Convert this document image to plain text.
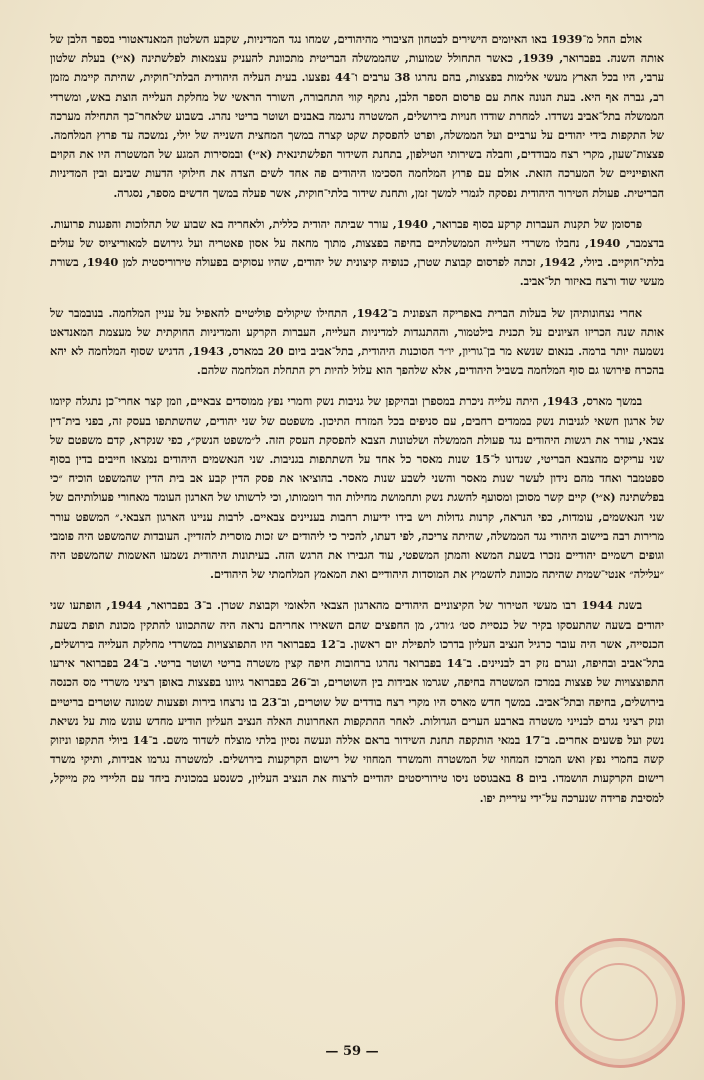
אולם החל מ־1939 באו האיומים הישירים לבטחון הציבורי מהיהודים, שמחו נגד המדיניות, שקבע השלטון המאנדאטורי בספר הלבן של אותה השנה. בפברואר, 1939, כאשר התחולל שמועות, שהממשלה הבריטית מתכוונת להעניק עצמאות לפלשתינה (א״י) בעלת שלטון ערבי, היו בכל הארץ מעשי אלימות בפצצות, בהם נהרגו 38 ערבים ו־44 נפצעו. בעית העליה היהודית הבלתי־חוקית, שהיתה קיימת מזמן רב, גברה אף היא. בעת הנונה אחת עם פרסום הספר הלבן, נתקף קווי התחבורה, השורד הראשי של מחלקת העלייה הוצת באש, ומשרדי הממשלה בתל־אביב נשדדו. למחרת שודדו חנויות בירושלים, המשטרה נרגמה באבנים ושוטר בריטי נהרג. בשבוע שלאחר־כך התחילה מערכה של התקפות בידי יהודים על ערביים ועל הממשלה, ופרט להפסקת שקט קצרה במשך המחצית השנייה של יולי, נמשכה עד פרוץ המלחמה. פצצות־שעון, מקרי רצח מבודדים, וחבלה בשירותי הטילפון, בתחנת השידור הפלשתינאית (א״י) ובמסירות המגע של המשטרה היו את הקוים האופייניים של המערכה הזאת. אולם עם פרוץ המלחמה הסכימו היהודים פה אחד לשים הצדה את חילוקי הדעות שבינם ובין המדיניות הבריטית. פעולת הטירור היהודית נפסקה לגמרי למשך זמן, ותחנת שידור בלתי־חוקית, אשר פעלה במשך חדשים מספר, נסגרה.

פרסומן של תקנות העברות קרקע בסוף פברואר, 1940, עורר שביתה יהודית כללית, ולאחריה בא שבוע של תהלוכות והפגנות פרועות. בדצמבר, 1940, נחבלו משרדי העלייה הממשלתיים בחיפה בפצצות, מתוך מחאה על אסון פאטריה ועל גירושם למאוריציוס של עולים בלתי־חוקיים. ביולי, 1942, זכתה לפרסום קבוצת שטרן, כנופיה קיצונית של יהודים, שהיו עסוקים בפעולה טירוריסטית למן 1940, בשורת מעשי שוד ורצח באיזור תל־אביב.

אחרי נצחונותיהן של בעלות הברית באפריקה הצפונית ב־1942, התחילו שיקולים פוליטיים להאפיל על עניין המלחמה. בנובמבר של אותה שנה הכריזו הציונים על תכנית בילטמור, וההתנגדות למדיניות העלייה, העברות הקרקע והמדיניות החוקתית של מעצמת המאנדאט נשמעה יותר ברמה. בנאום שנשא מר בן־גוריון, יו״ר הסוכנות היהודית, בתל־אביב ביום 20 במארס, 1943, הדגיש שסוף המלחמה לא יהא בהכרח פירושו גם סוף המלחמה בשביל היהודים, אלא שלהפך הוא עלול להיות רק התחלת המלחמה שלהם.

במשך מארס, 1943, היתה עלייה ניכרת במספרן ובהיקפן של גניבות נשק וחמרי נפץ ממוסדים צבאיים, וזמן קצר אחרי־כן נתגלה קיומו של ארגון חשאי לגניבות נשק בממדים רחבים, עם סניפים בכל המזרח התיכון. משפטם של שני יהודים, שהשתתפו בעסק זה, בפני בית־דין צבאי, עורר את רגשות היהודים נגד פעולת הממשלה ושלטונות הצבא להפסקת העסק הזה. ל״משפט הנשק״, כפי שנקרא, קדם משפטם של שני עריקים מהצבא הבריטי, שנדונו ל־15 שנות מאסר כל אחד על השתתפות בגניבות. שני הנאשמים היהודים נמצאו חייבים בדין בסוף ספטמבר ואחד מהם נידון לעשר שנות מאסר והשני לשבע שנות מאסר. בהוציאו את פסק הדין קבע אב בית הדין שהמשפט הוכיח ״כי בפלשתינה (א״י) קיים קשר מסוכן ומסועף להשגת נשק ותחמושת מחילות הוד רוממותו, וכי לרשותו של הארגון העומד מאחורי פעולותיהם של שני הנאשמים, עומדות, כפי הנראה, קרנות גדולות ויש בידו ידיעות רחבות בעניינים צבאיים. לרבות עניינו הארגון הצבאי.״ המשפט עורר מרירות רבה ביישוב היהודי נגד הממשלה, שהיתה צריכה, לפי דעתו, להכיר כי ליהודים יש זכות מוסרית להזדיין. העובדות שהמשפט היה פומבי וגופים רשמיים יהודיים נזכרו בשעת המשא והמתן המשפטי, עוד הגבירו את הרגש הזה. בעיתונות היהודית נשמעו האשמות שהמשפט היה ״עלילה״ אנטי־שמית שהיתה מכוונת להשמיץ את המוסדות היהודיים ואת המאמץ המלחמתי של היהודים.

בשנת 1944 רבו מעשי הטירור של הקיצוניים היהודים מהארגון הצבאי הלאומי וקבוצת שטרן. ב־3 בפברואר, 1944, הופתעו שני יהודים בשעה שהתעסקו בקיר של כנסיית סט׳ ג׳ורג׳, מן החפצים שהם השאירו אחריהם נראה היה שהתכוונו להתקין מכונת תופת בשעת הכנסייה, אשר היה עובר כרגיל הנציב העליון בדרכו לתפילת יום ראשון. ב־12 בפברואר היו התפוצצויות במשרדי מחלקת העלייה בירושלים, בתל־אביב ובחיפה, ונגרם נזק רב לבניינים. ב־14 בפברואר נהרגו ברחובות חיפה קצין משטרה בריטי ושוטר בריטי. ב־24 בפברואר אירעו התפוצצויות של פצצות במרכז המשטרה בחיפה, שגרמו אבידות בין השוטרים, וב־26 בפברואר גיוונו בפצצות באופן רציני משרדי מס הכנסה בירושלים, בחיפה ובתל־אביב. במשך חדש מארס היו מקרי רצח בודדים של שוטרים, וב־23 בו נרצחו בירות ופצעות שמונה שוטרים בריטיים ונזק רציני נגרם לבנייני משטרה בארבע הערים הגדולות. לאחר ההתקפות האחרונות האלה הנציב העליון הודיע מחדש עונש מות על נשיאת נשק ועל פשעים אחרים. ב־17 במאי הותקפה תחנת השידור בראם אללה ונעשה נסיון בלתי מוצלח לשדוד משם. ב־14 ביולי התקפו וניזוק קשה בחמרי נפץ ואש המרכז המחוזי של המשטרה והמשרד המחוזי של רישום הקרקעות בירושלים. למשטרה נגרמו אבידות, ותיקי משרד רישום הקרקעות הושמדו. ביום 8 באבגוסט ניסו טירוריסטים יהודיים לרצוח את הנציב העליון, כשנסע במכונית ביחד עם הליידי מק מייקל, למסיבת פרידה שנערכה על־ידי עיריית יפו.

— 59 —
